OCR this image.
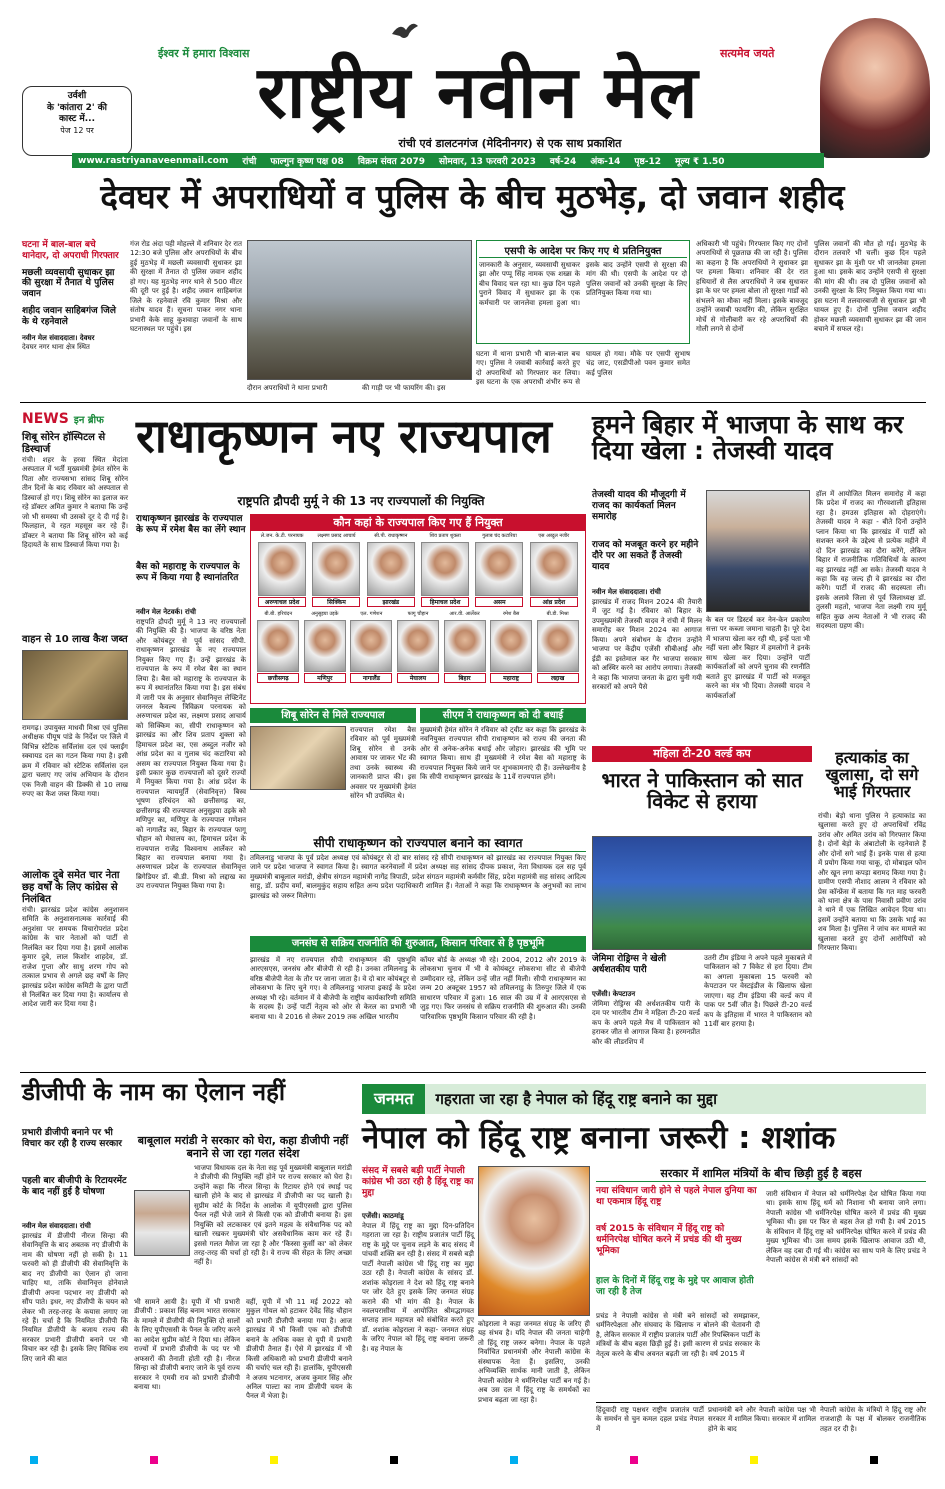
उर्वशी
के 'कांतारा 2' की
कास्ट में...
पेज 12 पर
ईश्वर में हमारा विश्वास राष्ट्रीय नवीन मेल	सत्यमेव जयते
रांची एवं डालटनगंज (मेदिनीनगर) से एक साथ प्रकाशित
www.rastriyanaveenmail.com रांची फाल्गुन कृष्ण पक्ष 08 विक्रम संवत 2079 सोमवार, 13 फरवरी 2023 वर्ष-24 अंक-14 पृष्ठ-12 मूल्य ₹ 1.50
देवघर में अपराधियों व पुलिस के बीच मुठभेड़, दो जवान शहीद
घटना में बाल-बाल बचे थानेदार, दो अपराधी गिरफ्तार
मछली व्यवसायी सुधाकर झा की सुरक्षा में तैनात थे पुलिस जवान
शहीद जवान साहिबगंज जिले के थे रहनेवाले
नवीन मेल संवाददाता। देवघर
देवघर नगर थाना क्षेत्र स्थित
गंज रोड अंदा पही मोहल्ले में शनिवार देर रात 12:30 बजे पुलिस और अपराधियों के बीच हुई मुठभेड़ में मछली व्यवसायी सुधाकर झा की सुरक्षा में तैनात दो पुलिस जवान शहीद हो गए। यह मुठभेड़ नगर थाने से 500 मीटर की दूरी पर हुई है। शहीद जवान साहिबगंज जिले के रहनेवाले रवि कुमार मिश्रा और संतोष यादव हैं। सूचना पाकर नगर थाना प्रभारी केके साहू कुशवाहा जवानों के साथ घटनास्थल पर पहुंचे। इस
दौरान अपराधियों ने थाना प्रभारी	की गाड़ी पर भी फायरिंग की। इस
एसपी के आदेश पर किए गए थे प्रतिनियुक्त
जानकारी के अनुसार, व्यवसायी सुधाकर झा और पप्पू सिंह नामक एक शख्स के बीच विवाद चल रहा था। कुछ दिन पहले पुराने विवाद में सुधाकर झा के एक कर्मचारी पर जानलेवा हमला हुआ था। इसके बाद उन्होंने एसपी से सुरक्षा की मांग की थी। एसपी के आदेश पर दो पुलिस जवानों को उनकी सुरक्षा के लिए प्रतिनियुक्त किया गया था।
घटना में थाना प्रभारी भी बाल-बाल बच गए। पुलिस ने जवाबी कार्रवाई करते हुए दो अपराधियों को गिरफ्तार कर लिया। इस घटना के एक अपराधी शंभीर रूप से घायल हो गया। मौके पर एसपी सुभाष चंद्र जाट, एसडीपीओ पवन कुमार समेत कई पुलिस
अधिकारी भी पहुंचे। गिरफ्तार किए गए दोनों अपराधियों से पूछताछ की जा रही है। पुलिस का कहना है कि अपराधियों ने सुधाकर झा पर हमला किया। शनिवार की देर रात हथियारों से लैस अपराधियों ने जब सुधाकर झा के घर पर हमला बोला तो सुरक्षा गार्डों को संभलने का मौका नहीं मिला। इसके बावजूद उन्होंने जवाबी फायरिंग की, लेकिन सुरक्षित मोर्चे से गोलीबारी कर रहे अपराधियों की गोली लगने से दोनों
पुलिस जवानों की मौत हो गई। मुठभेड़ के दौरान तलवारें भी चलीं। कुछ दिन पहले सुधाकर झा के मुंशी पर भी जानलेवा हमला हुआ था। इसके बाद उन्होंने एसपी से सुरक्षा की मांग की थी। तब दो पुलिस जवानों को उनकी सुरक्षा के लिए नियुक्त किया गया था। इस घटना में तलवारबाजी से सुधाकर झा भी घायल हुए हैं। दोनों पुलिस जवान शहीद होकर मछली व्यवसायी सुधाकर झा की जान बचाने में सफल रहे।
NEWS इन ब्रीफ
शिबू सोरेन हॉस्पिटल से डिस्चार्ज
रांची। शहर के हरवा स्थित मेदांता अस्पताल में भर्ती मुख्यमंत्री हेमंत सोरेन के पिता और राज्यसभा सांसद शिबू सोरेन तीन दिनों के बाद रविवार को अस्पताल से डिस्चार्ज हो गए। शिबू सोरेन का इलाज कर रहे डॉक्टर अमित कुमार ने बताया कि उन्हें जो भी समस्या थी उसको दूर दे दी गई है। फिलहाल, वे रहत महसूस कर रहे हैं। डॉक्टर ने बताया कि शिबू सोरेन को कई हिदायतें के साथ डिस्चार्ज किया गया है।
वाहन से 10 लाख कैश जब्त
रामगढ़। उपायुक्त माधवी मिश्रा एवं पुलिस अधीक्षक पीयूष पांडे के निर्देश पर जिले में विभिन्न स्टेटिक सर्विलांस दल एवं फ्लाईंग स्क्वायड दल का गठन किया गया है। इसी क्रम में रविवार को स्टेटिक सर्विलांस दल द्वारा चलाए गए जांच अभियान के दौरान एक निजी वाहन की डिक्की से 10 लाख रुपए का कैश जब्त किया गया।
आलोक दुबे समेत चार नेता छह वर्षों के लिए कांग्रेस से निलंबित
रांची। झारखंड प्रदेश कांग्रेस अनुशासन समिति के अनुशासनात्मक कार्रवाई की अनुशंसा पर समयक विचारोपरांत प्रदेश कांग्रेस के चार नेताओं को पार्टी से निलंबित कर दिया गया है। इसमें आलोक कुमार दुबे, लाल किशोर शाहदेव, डॉ. राजेश गुप्ता और साधु शरण गोप को तत्काल प्रभाव से अगले छह वर्षों के लिए झारखंड प्रदेश कांग्रेस कमिटी के द्वारा पार्टी से निलंबित कर दिया गया है। कार्यालय से आदेश जारी कर दिया गया है।
राधाकृष्णन नए राज्यपाल
राष्ट्रपति द्रौपदी मुर्मू ने की 13 नए राज्यपालों की नियुक्ति
राधाकृष्णन झारखंड के राज्यपाल के रूप में रमेश बैस का लेंगे स्थान
बैस को महाराष्ट्र के राज्यपाल के रूप में किया गया है स्थानांतरित
नवीन मेल नेटवर्क। रांची
राष्ट्रपति द्रौपदी मुर्मू ने 13 नए राज्यपालों की नियुक्ति की है। भाजपा के वरिष्ठ नेता और कोयंबटूर से पूर्व सांसद सीपी. राधाकृष्णन झारखंड के नए राज्यपाल नियुक्त किए गए हैं। उन्हें झारखंड के राज्यपाल के रूप में रमेश बैस का स्थान लिया है। बैस को महाराष्ट्र के राज्यपाल के रूप में स्थानांतरित किया गया है। इस संबंध में जारी पत्र के अनुसार सेवानिवृत्त लेफ्टिनेंट जनरल कैवल्य त्रिविक्रम परनायक को अरुणाचल प्रदेश का, लक्ष्मण प्रसाद आचार्य को सिक्किम का, सीपी राधाकृष्णन को झारखंड का और शिव प्रताप शुक्ला को हिमाचल प्रदेश का, एस अब्दुल नजीर को आंध्र प्रदेश का व गुलाब चंद कटारिया को असम का राज्यपाल नियुक्त किया गया है। इसी प्रकार कुछ राज्यपालों को दूसरे राज्यों में नियुक्त किया गया है। आंध्र प्रदेश के राज्यपाल न्यायमूर्ति (सेवानिवृत्त) बिस्व भूषण हरिचंदन को छत्तीसगढ़ का, छत्तीसगढ़ की राज्यपाल अनुसुइया उइके को मणिपुर का, मणिपुर के राज्यपाल गणेशन को नागालैंड का, बिहार के राज्यपाल फागू चौहान को मेघालय का, हिमाचल प्रदेश के राज्यपाल राजेंद्र विश्वनाथ आर्लेकर को बिहार का राज्यपाल बनाया गया है। अरुणाचल प्रदेश के राज्यपाल सेवानिवृत्त ब्रिगेडियर डॉ. बी.डी. मिश्रा को लद्दाख का उप राज्यपाल नियुक्त किया गया है।
कौन कहां के राज्यपाल किए गए हैं नियुक्त
ले.जन. के.टी. परनायक
अरुणाचल प्रदेश
लक्ष्मण प्रसाद आचार्य
सिक्किम
सी.पी. राधाकृष्णन
झारखंड
शिव प्रताप शुक्ला
हिमाचल प्रदेश
गुलाब चंद कटारिया
असम
एस अब्दुल नजीर
आंध्र प्रदेश
बी.बी. हरिचंदन
छत्तीसगढ़
अनुसुइया उइके
मणिपुर
एल. गणेशन
नागालैंड
फागू चौहान
मेघालय
आर.वी. आर्लेकर
बिहार
रमेश बैस
महाराष्ट्र
बी.डी. मिश्रा
लद्दाख
शिबू सोरेन से मिले राज्यपाल
राज्यपाल रमेश बैस रविवार को पूर्व मुख्यमंत्री शिबू सोरेन से उनके आवास पर जाकर भेंट की तथा उनके स्वास्थ्य की जानकारी प्राप्त की। इस अवसर पर मुख्यमंत्री हेमंत सोरेन भी उपस्थित थे।
सीएम ने राधाकृष्णन को दी बधाई
मुख्यमंत्री हेमंत सोरेन ने रविवार को ट्वीट कर कहा कि झारखंड के नवनियुक्त राज्यपाल सीपी राधाकृष्णन को राज्य की जनता की ओर से अनेक-अनेक बधाई और जोहार। झारखंड की भूमि पर स्वागत किया। साथ ही मुख्यमंत्री ने रमेश बैस को महाराष्ट्र के राज्यपाल नियुक्त किये जाने पर शुभकामनाएं दी हैं। उल्लेखनीय है कि सीपी राधाकृष्णन झारखंड के 11वें राज्यपाल होंगे।
सीपी राधाकृष्णन को राज्यपाल बनाने का स्वागत
तमिलनाडु भाजपा के पूर्व प्रदेश अध्यक्ष एवं कोयंबटूर से दो बार सांसद रहे सीपी राधाकृष्णन को झारखंड का राज्यपाल नियुक्त किए जाने पर प्रदेश भाजपा ने स्वागत किया है। स्वागत करनेवालों में प्रदेश अध्यक्ष सह सांसद दीपक प्रकाश, नेता विधायक दल सह पूर्व मुख्यमंत्री बाबूलाल मरांडी, क्षेत्रीय संगठन महामंत्री नागेंद्र त्रिपाठी, प्रदेश संगठन महामंत्री कर्मवीर सिंह, प्रदेश महामंत्री सह सांसद आदित्य साहु, डॉ. प्रदीप वर्मा, बालमुकुंद सहाय सहित अन्य प्रदेश पदाधिकारी शामिल हैं। नेताओं ने कहा कि राधाकृष्णन के अनुभवों का लाभ झारखंड को जरूर मिलेगा।
जनसंघ से सक्रिय राजनीति की शुरुआत, किसान परिवार से है पृष्ठभूमि
झारखंड में नए राज्यपाल सीपी राधाकृष्णन की पृष्ठभूमि आरएसएस, जनसंघ और बीजेपी से रही है। उनका तमिलनाडु के वरिष्ठ बीजेपी नेता के तौर पर जाना जाता है। वे दो बार कोयंबटूर से लोकसभा के लिए चुने गए। वे तमिलनाडु भाजपा इकाई के प्रदेश अध्यक्ष भी रहे। वर्तमान में वे बीजेपी के राष्ट्रीय कार्यकारिणी समिति के सदस्य हैं। उन्हें पार्टी नेतृत्व को ओर से केरल का प्रभारी भी बनाया था। वे 2016 से लेकर 2019 तक अखिल भारतीय
कॉयर बोर्ड के अध्यक्ष भी रहे। 2004, 2012 और 2019 के लोकसभा चुनाव में भी वे कोयंबटूर लोकसभा सीट से बीजेपी उम्मीदवार रहे, लेकिन उन्हें जीत नहीं मिली। सीपी राधाकृष्णन का जन्म 20 अक्टूबर 1957 को तमिलनाडु के तिरुपुर जिले में एक साधारण परिवार में हुआ। 16 साल की उम्र में वे आरएसएस से जुड़ गए। फिर जनसंघ से सक्रिय राजनीति की शुरुआत की। उनकी पारिवारिक पृष्ठभूमि किसान परिवार की रही है।
हमने बिहार में भाजपा के साथ कर दिया खेला : तेजस्वी यादव
तेजस्वी यादव की मौजूदगी में राजद का कार्यकर्ता मिलन समारोह
राजद को मजबूत करने हर महीने दौरे पर आ सकते हैं तेजस्वी यादव
नवीन मेल संवाददाता। रांची
झारखंड में राजद मिशन 2024 की तैयारी में जुट गई है। रविवार को बिहार के उपमुख्यमंत्री तेजस्वी यादव ने रांची में मिलन समारोह कर मिशन 2024 का आगाज किया। अपने संबोधन के दौरान उन्होंने भाजपा पर केंद्रीय एजेंसी सीबीआई और ईडी का इस्तेमाल कर गैर भाजपा सरकार को अस्थिर करने का आरोप लगाया। तेजस्वी ने कहा कि भाजपा जनता के द्वारा चुनी गयी सरकारों को अपने पैसे
के बल पर डिस्टर्ब कर नेन-केन प्रकारेण सत्ता पर कब्जा जमाना चाहती है। पूरे देश में भाजपा खेला कर रही थी, इन्हें पता भी नहीं चला और बिहार में हमलोगों ने इनके साथ खेला कर दिया। उन्होंने पार्टी कार्यकर्ताओं को अपने चुनाव की रणनीति बताते हुए झारखंड में पार्टी को मजबूत करने का मंत्र भी दिया। तेजस्वी यादव ने कार्यकर्ताओं
हॉल में आयोजित मिलन समारोह में कहा कि प्रदेश में राजद का गौरवशाली इतिहास रहा है। हमउस इतिहास को दोहराएंगे। तेजस्वी यादव ने कहा - बीते दिनों उन्होंने प्लान किया था कि झारखंड में पार्टी को सशक्त करने के उद्देश्य से प्रत्येक महीने में दो दिन झारखंड का दौरा करेंगे, लेकिन बिहार में राजनीतिक गतिविधियों के कारण वह झारखंड नहीं आ सके। तेजस्वी यादव ने कहा कि वह जल्द ही वे झारखंड का दौरा करेंगे। पार्टी में राजद की सदस्यता ली। इसके अलावे जिला से पूर्व जिलाध्यक्ष डॉ. तुलसी महतो, भाजपा नेता लक्ष्मी राय मुर्मू सहित कुछ अन्य नेताओं ने भी राजद की सदस्यता ग्रहण की।
महिला टी-20 वर्ल्ड कप
भारत ने पाकिस्तान को सात विकेट से हराया
जेमिमा रोड्रिग्स ने खेली अर्धशतकीय पारी
एजेंसी। केपटाउन
जेमिमा रोड्रिग्स की अर्धशतकीय पारी के दम पर भारतीय टीम ने महिला टी-20 वर्ल्ड कप के अपने पहले मैच में पाकिस्तान को हराकर जीत से आगाज किया है। हरमनप्रीत कौर की लीडरशिप में
उतरी टीम इंडिया ने अपने पहले मुकाबले में पाकिस्तान को 7 विकेट से हरा दिया। टीम का अगला मुकाबला 15 फरवरी को केपटाउन पर वेस्टइंडीज के खिलाफ खेला जाएगा। यह टीम इंडिया की वर्ल्ड कप में पाक पर 5वीं जीत है। पिछले टी-20 वर्ल्ड कप के इतिहास में भारत ने पाकिस्तान को 11वीं बार हराया है।
हत्याकांड का खुलासा, दो सगे भाई गिरफ्तार
रांची। बेड़ो थाना पुलिस ने हत्याकांड का खुलासा करते हुए दो अपराधियों रविंद्र उरांव और अमित उरांव को गिरफ्तार किया है। दोनों बेड़ो के अंबाटोली के रहनेवाले हैं और दोनों सगे भाई हैं। इनके पास से हत्या में प्रयोग किया गया चाकू, दो मोबाइल फोन और खून लगा कपड़ा बरामद किया गया है। ग्रामीण एसपी नौशाद आलम ने रविवार को प्रेस कॉन्फ्रेंस में बताया कि गत माह फरवरी को थाना क्षेत्र के पास निवासी प्रवीण उरांव ने थाने में एक लिखित आवेदन दिया था। इसमें उन्होंने बताया था कि उसके भाई का शव मिला है। पुलिस ने जांच कर मामले का खुलासा करते हुए दोनों आरोपियों को गिरफ्तार किया।
डीजीपी के नाम का ऐलान नहीं
प्रभारी डीजीपी बनाने पर भी विचार कर रही है राज्य सरकार
पहली बार बीजीपी के रिटायरमेंट के बाद नहीं हुई है घोषणा
नवीन मेल संवाददाता। रांची
झारखंड में डीजीपी नीरज सिन्हा की सेवानिवृत्ति के बाद अबतक नए डीजीपी के नाम की घोषणा नहीं हो सकी है। 11 फरवरी को ही डीजीपी की सेवानिवृत्ति के बाद नए डीजीपी का ऐलान हो जाना चाहिए था, ताकि सेवानिवृत्त होनेवाले डीजीपी अपना पदभार नए डीजीपी को सौंप पाते। इधर, नए डीजीपी के चयन को लेकर भी तरह-तरह के कयास लगाए जा रहे हैं। चर्चा है कि नियमित डीजीपी कि नियमित डीजीपी के बजाय राज्य की सरकार प्रभारी डीजीपी बनाने पर भी विचार कर रही है। इसके लिए विधिक राय लिए जाने की बात
बाबूलाल मरांडी ने सरकार को घेरा, कहा डीजीपी नहीं बनाने से जा रहा गलत संदेश
भाजपा विधायक दल के नेता सह पूर्व मुख्यमंत्री बाबूलाल मरांडी ने डीजीपी की नियुक्ति नहीं होने पर राज्य सरकार को घेरा है। उन्होंने कहा कि नीरज सिन्हा के रिटायर होने एवं स्थाई पद खाली होने के बाद से झारखंड में डीजीपी का पद खाली है। सुप्रीम कोर्ट के निर्देश के आलोक में यूपीएससी द्वारा पुलिस पैनल नहीं भेजे जाने से किसी एक को डीजीपी बनाया है। इस नियुक्ति को लटकाकर एवं इतने महत्व के संवैधानिक पद को खाली रखकर मुख्यमंत्री चोर असवैधानिक काम कर रहे हैं। इससे गलत मैसेज जा रहा है और 'किस्सा कुर्सी का' को लेकर तरह-तरह की चर्चा हो रही है। वे राज्य की सेहत के लिए अच्छा नहीं है।
भी सामने आयी है। यूपी में भी प्रभारी डीजीपी : प्रकाश सिंह बनाम भारत सरकार के मामले में डीजीपी की नियुक्ति दो सालों के लिए यूपीएससी के पैनल के जरिए करने का आदेश सुप्रीम कोर्ट ने दिया था। लेकिन राज्यों में प्रभारी डीजीपी के पद पर भी अफसरों की तैनाती होती रही है। नीरज सिन्हा को डीजीपी बनाए जाने के पूर्व राज्य सरकार ने एमवी राव को प्रभारी डीजीपी बनाया था।
वहीं, यूपी में भी 11 मई 2022 को मुकुल गोयल को हटाकर देवेंद्र सिंह चौहान को प्रभारी डीजीपी बनाया गया है। आज झारखंड में भी किसी एक को डीजीपी बनाने के अधिक वक्त से यूपी में प्रभारी डीजीपी तैनात हैं। ऐसे में झारखंड में भी किसी अधिकारी को प्रभारी डीजीपी बनाने की चर्चाएं चल रही हैं। हालांकि, यूपीएससी ने अजय भटनागर, अजय कुमार सिंह और अनिल पाल्टा का नाम डीजीपी चयन के पैनल में भेजा है।
जनमत	गहराता जा रहा है नेपाल को हिंदू राष्ट्र बनाने का मुद्दा
नेपाल को हिंदू राष्ट्र बनाना जरूरी : शशांक
संसद में सबसे बड़ी पार्टी नेपाली कांग्रेस भी उठा रही है हिंदू राष्ट्र का मुद्दा
एजेंसी। काठमांडू
नेपाल में हिंदू राष्ट्र का मुद्दा दिन-प्रतिदिन गहराता जा रहा है। राष्ट्रीय प्रजातंत्र पार्टी हिंदू राष्ट्र के मुद्दे पर चुनाव लड़ने के बाद संसद में पांचवीं शक्ति बन रही है। संसद में सबसे बड़ी पार्टी नेपाली कांग्रेस भी हिंदू राष्ट्र का मुद्दा उठा रही है। नेपाली कांग्रेस के सांसद डॉ. शशांक कोइराला ने देश को हिंदू राष्ट्र बनाने पर जोर देते हुए इसके लिए जनमत संग्रह कराने की भी मांग की है। नेपाल के नवलपरासीया में आयोजित श्रीमद्भागवत सप्ताह ज्ञान महायज्ञ को संबोधित करते हुए डॉ. शशांक कोइराला ने कहा- जनमत संग्रह के जरिए नेपाल को हिंदू राष्ट्र बनाना जरूरी है। वह नेपाल के
कोइराला ने कहा जनमत संग्रह के जरिए ही यह संभव है। यदि नेपाल की जनता चाहेगी तो हिंदू राष्ट्र जरूर बनेगा। नेपाल के पहले निर्वाचित प्रधानमंत्री और नेपाली कांग्रेस के संस्थापक नेता हैं। इसलिए, उनकी अभिव्यक्ति सार्थक मानी जाती है, लेकिन नेपाली कांग्रेस ने धर्मनिरपेक्ष पार्टी बन गई है। अब उस दल में हिंदू राष्ट्र के समर्थकों का प्रभाव बढ़ता जा रहा है।
सरकार में शामिल मंत्रियों के बीच छिड़ी हुई है बहस
नया संविधान जारी होने से पहले नेपाल दुनिया का था एकमात्र हिंदू राष्ट्र
वर्ष 2015 के संविधान में हिंदू राष्ट्र को धर्मनिरपेक्ष घोषित करने में प्रचंड की थी मुख्य भूमिका
हाल के दिनों में हिंदू राष्ट्र के मुद्दे पर आवाज होती जा रही है तेज
प्रचंड ने नेपाली कांग्रेस से मंत्री बने सांसदों को समझाकर, धर्मनिरपेक्षता और संघवाद के खिलाफ न बोलने की चेतावनी दी है, लेकिन सरकार में राष्ट्रीय प्रजातंत्र पार्टी और रिपब्लिकन पार्टी के मंत्रियों के बीच बहस छिड़ी हुई है। इसी कारण से प्रचंड सरकार के नेतृत्व करने के बीच अवनत बढ़ती जा रही है। वर्ष 2015 में
जारी संविधान में नेपाल को धर्मनिरपेक्ष देश घोषित किया गया था। इसके साथ हिंदू धर्म को निशाना भी बनाया जाने लगा। नेपाली कांग्रेस भी धर्मनिरपेक्ष घोषित करने में प्रचंड की मुख्य भूमिका थी। इस पर फिर से बहस तेज हो गयी है। वर्ष 2015 के संविधान में हिंदू राष्ट्र को धर्मनिरपेक्ष घोषित करने में प्रचंड की मुख्य भूमिका थी। उस समय इसके खिलाफ आवाज उठी थी, लेकिन वह दबा दी गई थी। कांग्रेस का साथ पाने के लिए प्रचंड ने नेपाली कांग्रेस से मंत्री बने सांसदों को
हिंदूवादी राष्ट्र पक्षधर राष्ट्रीय प्रजातंत्र पार्टी के समर्थन से चुन कमल दहल प्रचंड नेपाल में
प्रधानमंत्री बने और नेपाली कांग्रेस पक्ष भी सरकार में शामिल किया। सरकार में शामिल होने के बाद
नेपाली कांग्रेस के मंत्रियों ने हिंदू राष्ट्र और राजशाही के पक्ष में बोलकर राजनीतिक तहत दर दी है।
